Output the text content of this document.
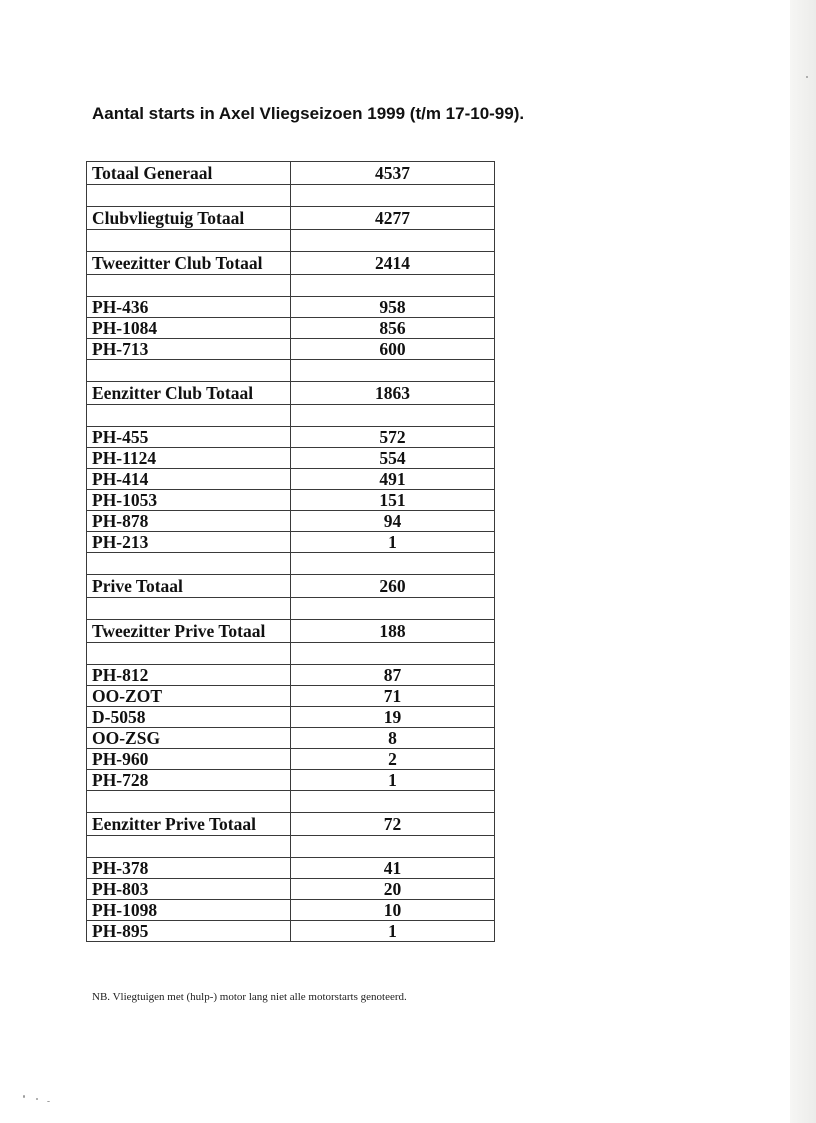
Aantal starts in Axel Vliegseizoen 1999 (t/m 17-10-99).
Totaal Generaal	4537

Clubvliegtuig Totaal	4277

Tweezitter Club Totaal	2414

PH-436	958
PH-1084	856
PH-713	600

Eenzitter Club Totaal	1863

PH-455	572
PH-1124	554
PH-414	491
PH-1053	151
PH-878	94
PH-213	1

Prive Totaal	260

Tweezitter Prive Totaal	188

PH-812	87
OO-ZOT	71
D-5058	19
OO-ZSG	8
PH-960	2
PH-728	1

Eenzitter Prive Totaal	72

PH-378	41
PH-803	20
PH-1098	10
PH-895	1

NB. Vliegtuigen met (hulp-) motor lang niet alle motorstarts genoteerd.
